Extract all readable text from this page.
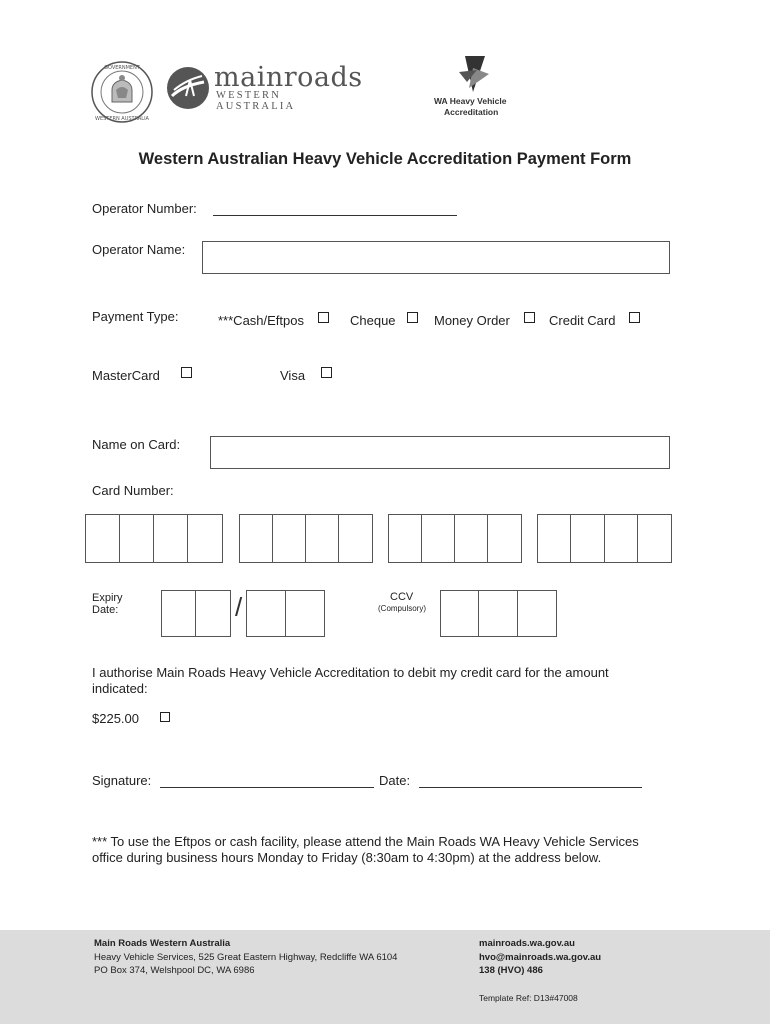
GOVERNMENT
WESTERN AUSTRALIA
mainroads
WESTERN AUSTRALIA	WA Heavy Vehicle
Accreditation
Western Australian Heavy Vehicle Accreditation Payment Form
Operator Number:
Operator Name:
Payment Type:	***Cash/Eftpos	Cheque	Money Order	Credit Card
MasterCard	Visa
Name on Card:
Card Number:
Expiry
Date:	/	CCV
(Compulsory)
I authorise Main Roads Heavy Vehicle Accreditation to debit my credit card for the amount
indicated:
$225.00
Signature:	Date:
*** To use the Eftpos or cash facility, please attend the Main Roads WA Heavy Vehicle Services
office during business hours Monday to Friday (8:30am to 4:30pm) at the address below.
Main Roads Western Australia
Heavy Vehicle Services, 525 Great Eastern Highway, Redcliffe WA 6104
PO Box 374, Welshpool DC, WA 6986
mainroads.wa.gov.au
hvo@mainroads.wa.gov.au
138 (HVO) 486
Template Ref: D13#47008
